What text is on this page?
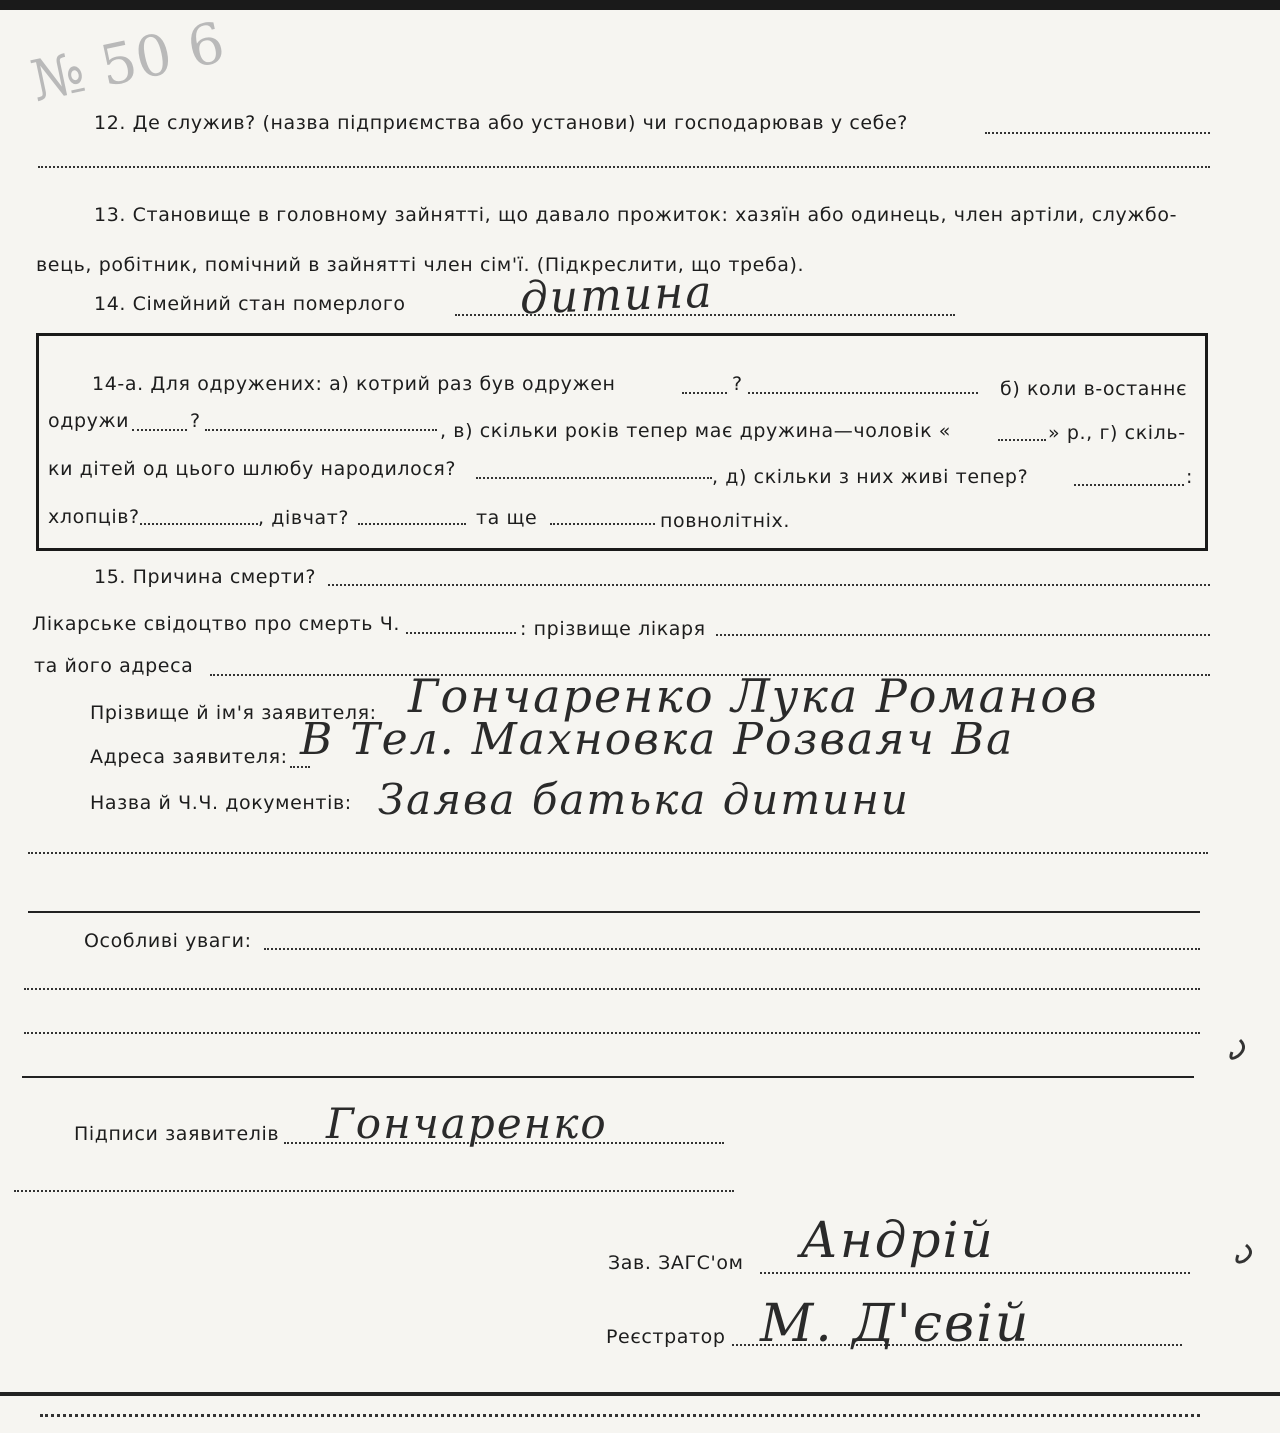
№ 50 6
12. Де служив? (назва підприємства або установи) чи господарював у себе?
13. Становище в головному зайнятті, що давало прожиток: хазяїн або одинець, член артіли, службо-
вець, робітник, помічний в зайнятті член сім'ї. (Підкреслити, що треба).
14. Сімейний стан померлого	дитина
14-а. Для одружених: а) котрий раз був одружен	?	б) коли в-останнє
одружи	?	, в) скільки років тепер має дружина—чоловік «	» р., г) скіль-
ки дітей од цього шлюбу народилося?	, д) скільки з них живі тепер?	:
хлопців?	, дівчат?	та ще	повнолітніх.
15. Причина смерти?
Лікарське свідоцтво про смерть Ч.	: прізвище лікаря
та його адреса
Прізвище й ім'я заявителя: Гончаренко Лука Романов
Адреса заявителя: В Тел. Махновка Розваяч Ва
Назва й Ч.Ч. документів: Заява батька дитини
Особливі уваги:
Підписи заявителів Гончаренко
Зав. ЗАГС'ом Андрій
Реєстратор М. Д'євій
